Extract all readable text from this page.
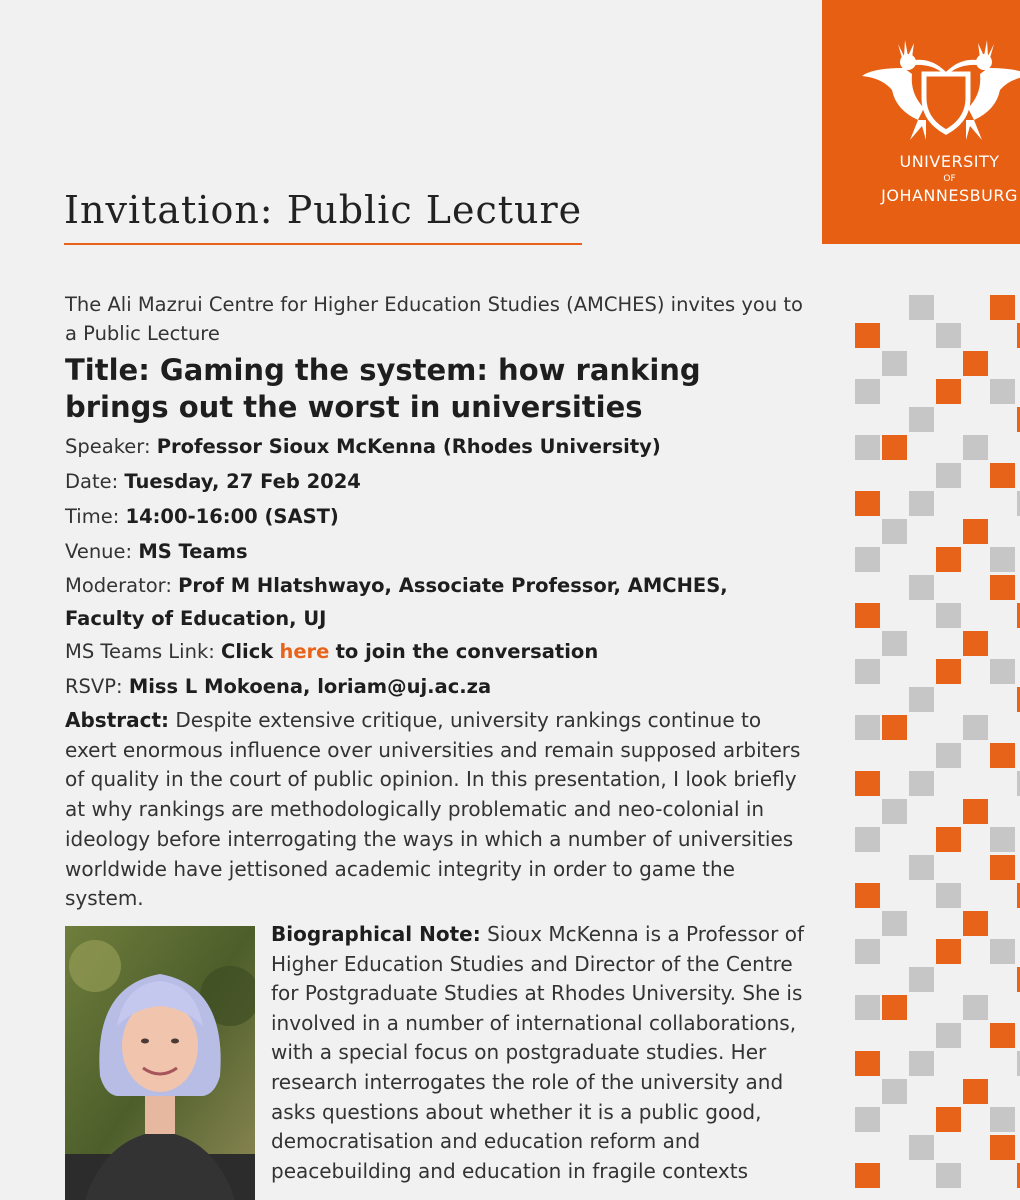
Invitation: Public Lecture
UNIVERSITY
OF
JOHANNESBURG

The Ali Mazrui Centre for Higher Education Studies (AMCHES) invites you to a Public Lecture

Title: Gaming the system: how ranking brings out the worst in universities
Speaker: Professor Sioux McKenna (Rhodes University)
Date: Tuesday, 27 Feb 2024
Time: 14:00-16:00 (SAST)
Venue: MS Teams
Moderator: Prof M Hlatshwayo, Associate Professor, AMCHES, Faculty of Education, UJ
MS Teams Link: Click here to join the conversation
RSVP: Miss L Mokoena, loriam@uj.ac.za

Abstract: Despite extensive critique, university rankings continue to exert enormous influence over universities and remain supposed arbiters of quality in the court of public opinion. In this presentation, I look briefly at why rankings are methodologically problematic and neo-colonial in ideology before interrogating the ways in which a number of universities worldwide have jettisoned academic integrity in order to game the system.

Biographical Note: Sioux McKenna is a Professor of Higher Education Studies and Director of the Centre for Postgraduate Studies at Rhodes University. She is involved in a number of international collaborations, with a special focus on postgraduate studies. Her research interrogates the role of the university and asks questions about whether it is a public good, democratisation and education reform and peacebuilding and education in fragile contexts
